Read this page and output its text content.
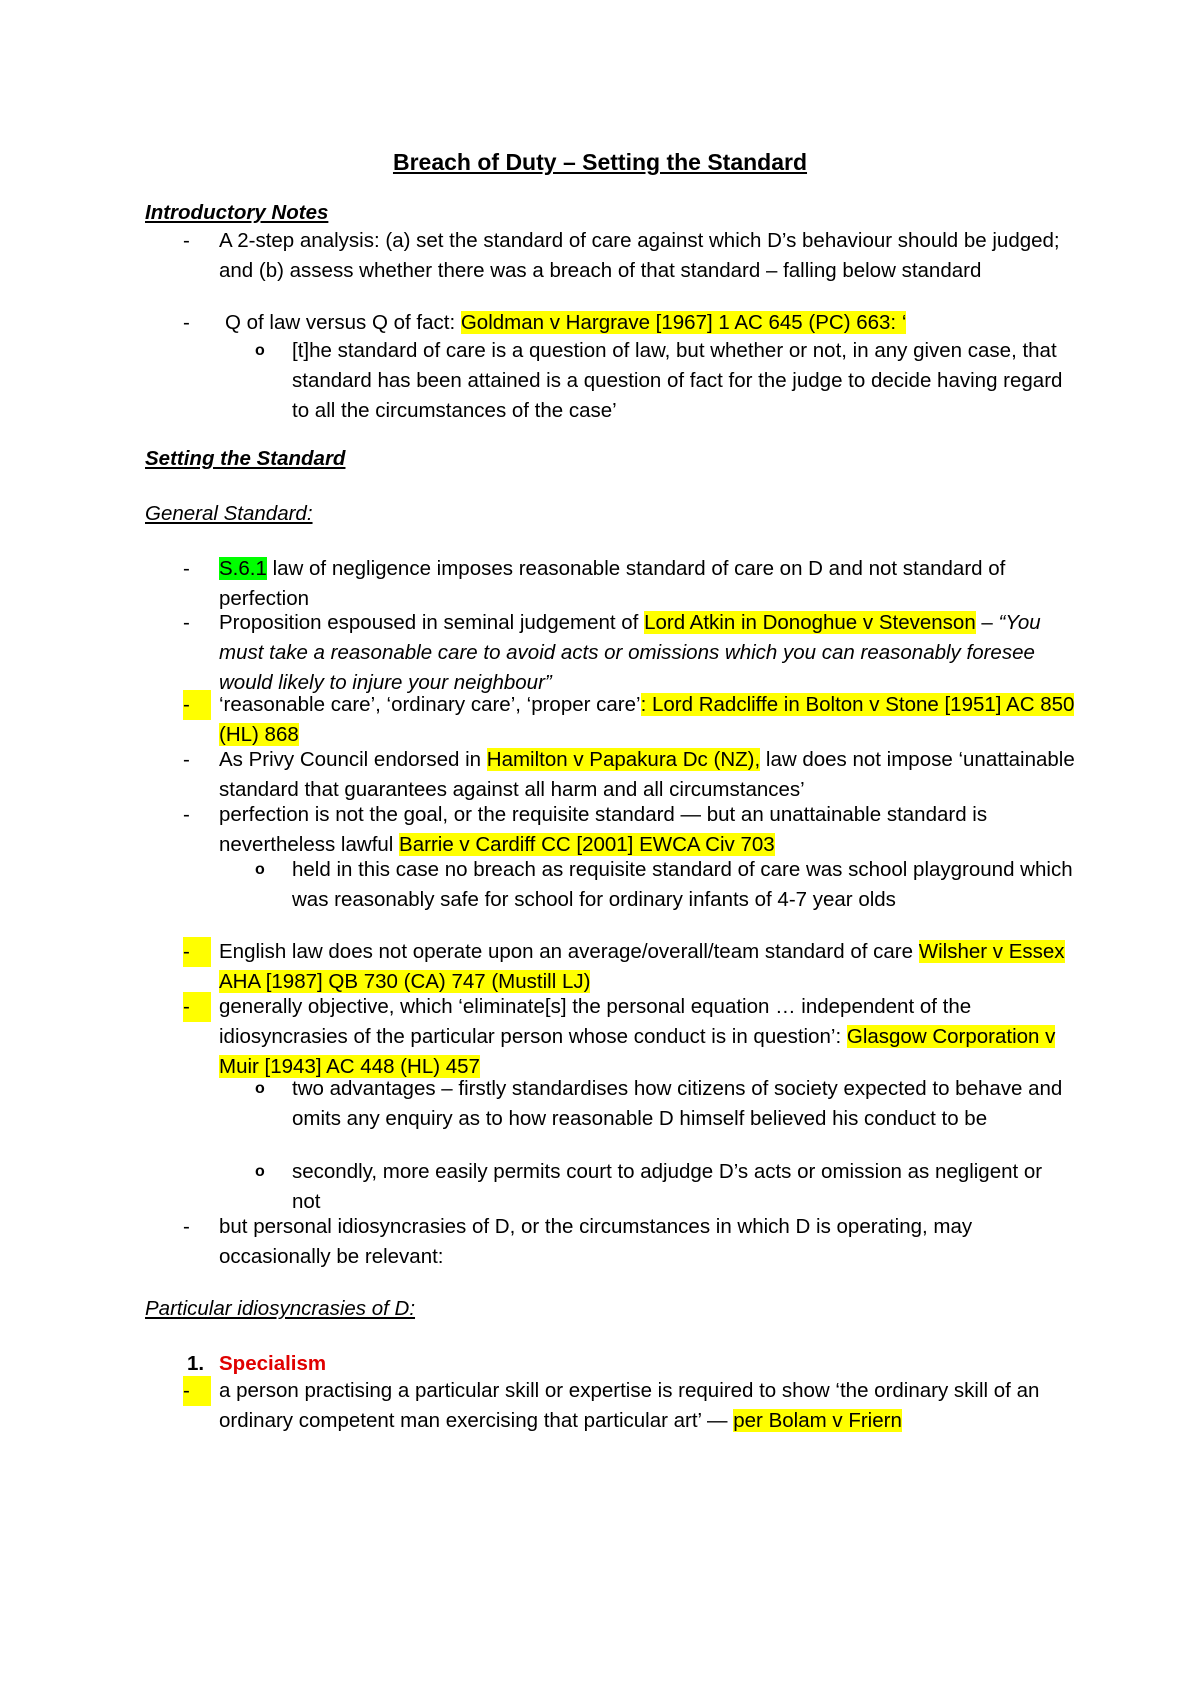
Breach of Duty – Setting the Standard
Introductory Notes
-	A 2-step analysis: (a) set the standard of care against which D’s behaviour should be judged; and (b) assess whether there was a breach of that standard – falling below standard
-	Q of law versus Q of fact: Goldman v Hargrave [1967] 1 AC 645 (PC) 663: ‘
o [t]he standard of care is a question of law, but whether or not, in any given case, that standard has been attained is a question of fact for the judge to decide having regard to all the circumstances of the case’
Setting the Standard
General Standard:
-	S.6.1 law of negligence imposes reasonable standard of care on D and not standard of perfection
-	Proposition espoused in seminal judgement of Lord Atkin in Donoghue v Stevenson – “You must take a reasonable care to avoid acts or omissions which you can reasonably foresee would likely to injure your neighbour”
-	‘reasonable care’, ‘ordinary care’, ‘proper care’: Lord Radcliffe in Bolton v Stone [1951] AC 850 (HL) 868
-	As Privy Council endorsed in Hamilton v Papakura Dc (NZ), law does not impose ‘unattainable standard that guarantees against all harm and all circumstances’
-	perfection is not the goal, or the requisite standard — but an unattainable standard is nevertheless lawful Barrie v Cardiff CC [2001] EWCA Civ 703
o held in this case no breach as requisite standard of care was school playground which was reasonably safe for school for ordinary infants of 4-7 year olds
-	English law does not operate upon an average/overall/team standard of care Wilsher v Essex AHA [1987] QB 730 (CA) 747 (Mustill LJ)
-	generally objective, which ‘eliminate[s] the personal equation … independent of the idiosyncrasies of the particular person whose conduct is in question’: Glasgow Corporation v Muir [1943] AC 448 (HL) 457
o two advantages – firstly standardises how citizens of society expected to behave and omits any enquiry as to how reasonable D himself believed his conduct to be
o secondly, more easily permits court to adjudge D’s acts or omission as negligent or not
-	but personal idiosyncrasies of D, or the circumstances in which D is operating, may occasionally be relevant:
Particular idiosyncrasies of D:
1. Specialism
-	a person practising a particular skill or expertise is required to show ‘the ordinary skill of an ordinary competent man exercising that particular art’ — per Bolam v Friern
